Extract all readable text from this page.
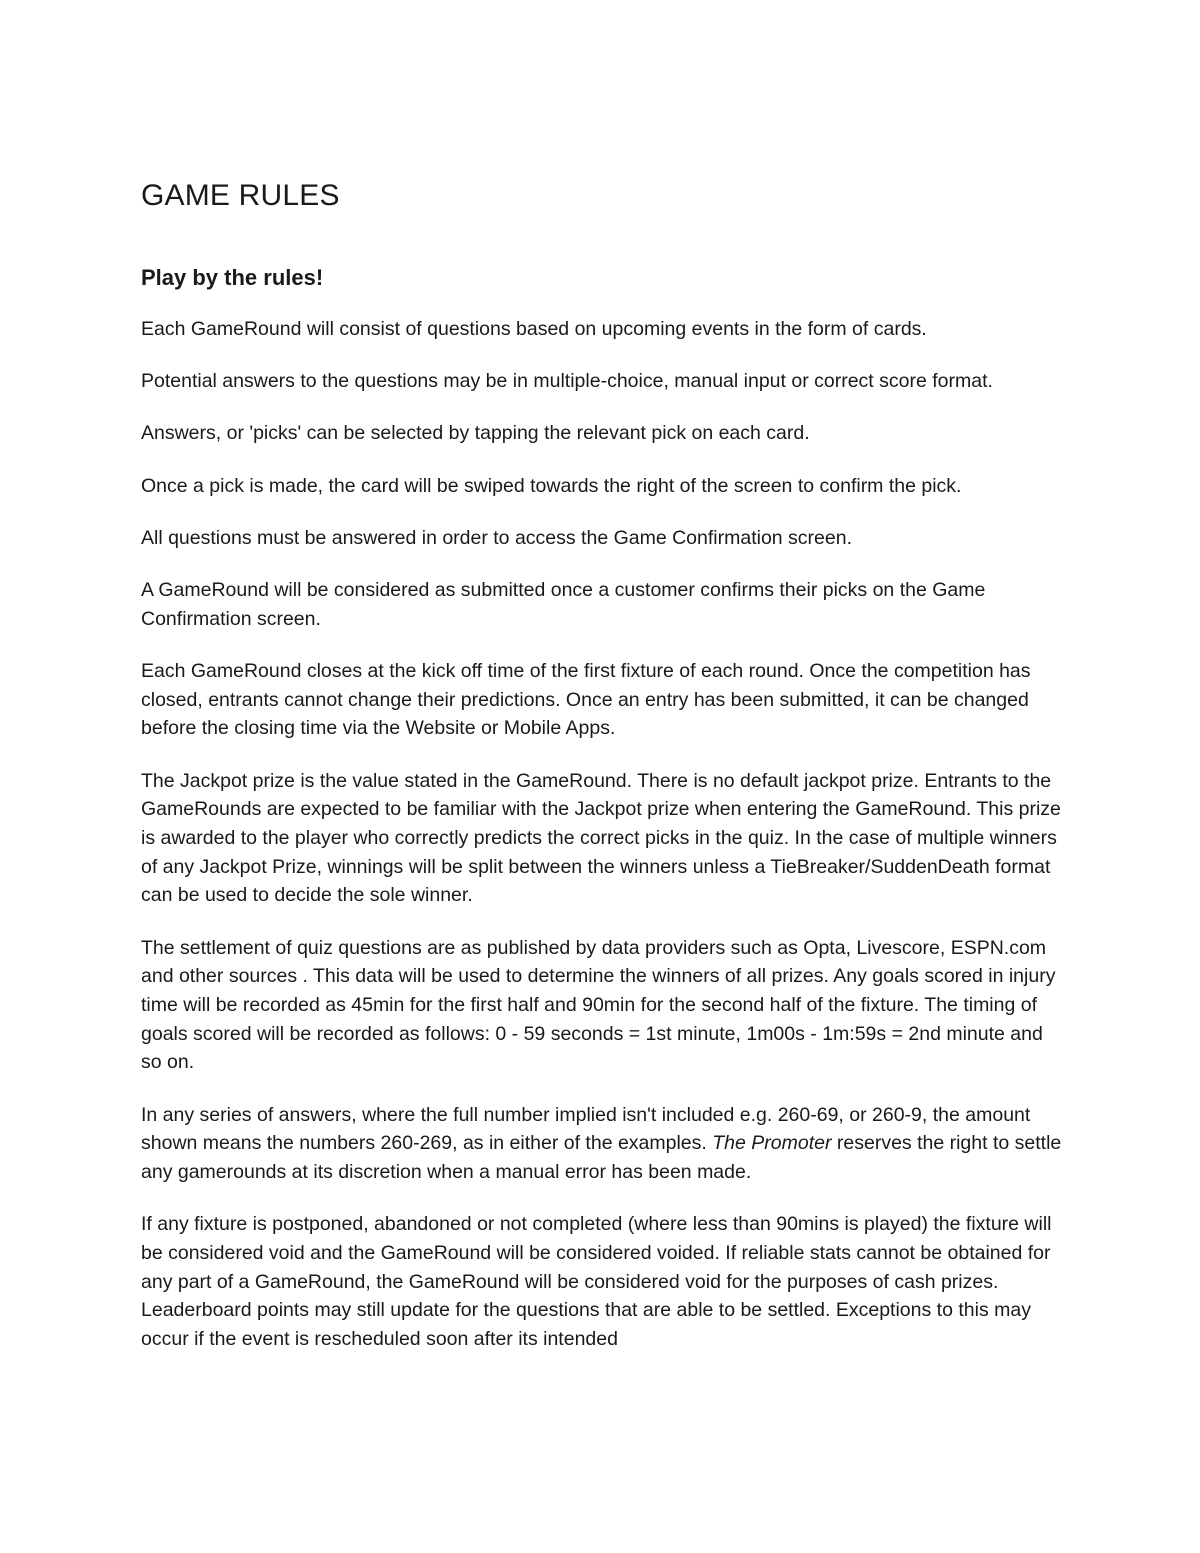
GAME RULES
Play by the rules!

Each GameRound will consist of questions based on upcoming events in the form of cards.

Potential answers to the questions may be in multiple-choice, manual input or correct score format.

Answers, or 'picks' can be selected by tapping the relevant pick on each card.

Once a pick is made, the card will be swiped towards the right of the screen to confirm the pick.

All questions must be answered in order to access the Game Confirmation screen.

A GameRound will be considered as submitted once a customer confirms their picks on the Game Confirmation screen.

Each GameRound closes at the kick off time of the first fixture of each round. Once the competition has closed, entrants cannot change their predictions. Once an entry has been submitted, it can be changed before the closing time via the Website or Mobile Apps.

The Jackpot prize is the value stated in the GameRound. There is no default jackpot prize. Entrants to the GameRounds are expected to be familiar with the Jackpot prize when entering the GameRound. This prize is awarded to the player who correctly predicts the correct picks in the quiz. In the case of multiple winners of any Jackpot Prize, winnings will be split between the winners unless a TieBreaker/SuddenDeath format can be used to decide the sole winner.

The settlement of quiz questions are as published by data providers such as Opta, Livescore, ESPN.com and other sources . This data will be used to determine the winners of all prizes. Any goals scored in injury time will be recorded as 45min for the first half and 90min for the second half of the fixture. The timing of goals scored will be recorded as follows: 0 - 59 seconds = 1st minute, 1m00s - 1m:59s = 2nd minute and so on.

In any series of answers, where the full number implied isn't included e.g. 260-69, or 260-9, the amount shown means the numbers 260-269, as in either of the examples. The Promoter reserves the right to settle any gamerounds at its discretion when a manual error has been made.

If any fixture is postponed, abandoned or not completed (where less than 90mins is played) the fixture will be considered void and the GameRound will be considered voided. If reliable stats cannot be obtained for any part of a GameRound, the GameRound will be considered void for the purposes of cash prizes. Leaderboard points may still update for the questions that are able to be settled. Exceptions to this may occur if the event is rescheduled soon after its intended
